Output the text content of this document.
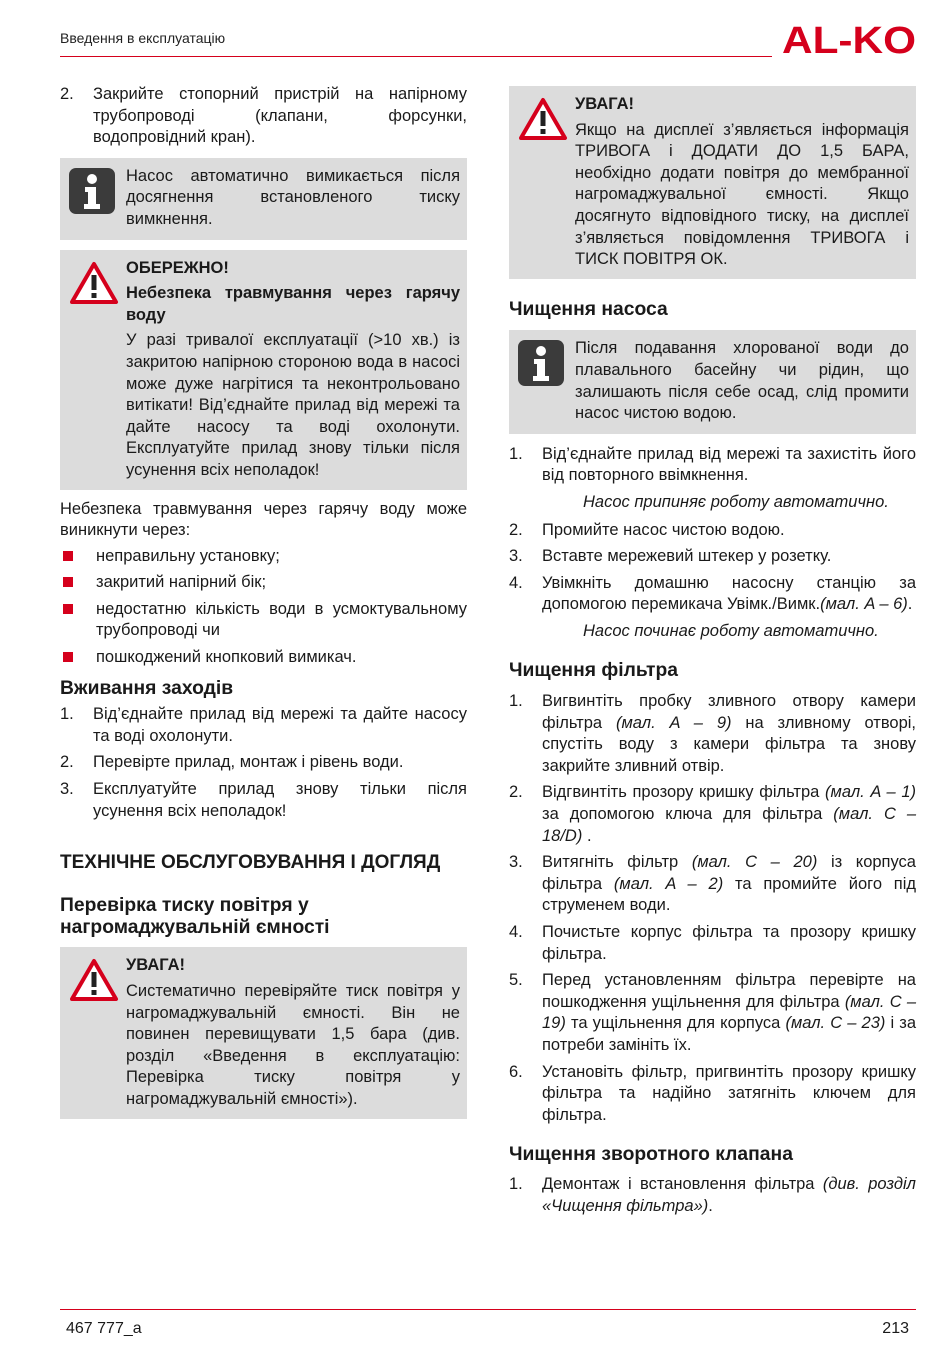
Введення в експлуатацію	AL-KO
2. Закрийте стопорний пристрій на напірному трубопроводі (клапани, форсунки, водопровідний кран).
Насос автоматично вимикається після досягнення встановленого тиску вимкнення.
ОБЕРЕЖНО!
Небезпека травмування через гарячу воду
У разі тривалої експлуатації (>10 хв.) із закритою напірною стороною вода в насосі може дуже нагрітися та неконтрольовано витікати! Від’єднайте прилад від мережі та дайте насосу та воді охолонути. Експлуатуйте прилад знову тільки після усунення всіх неполадок!

Небезпека травмування через гарячу воду може виникнути через:

неправильну установку;
закритий напірний бік;
недостатню кількість води в усмоктувальному трубопроводі чи
пошкоджений кнопковий вимикач.
Вживання заходів
1. Від’єднайте прилад від мережі та дайте насосу та воді охолонути.
2. Перевірте прилад, монтаж і рівень води.
3. Експлуатуйте прилад знову тільки після усунення всіх неполадок!
ТЕХНІЧНЕ ОБСЛУГОВУВАННЯ І ДОГЛЯД
Перевірка тиску повітря у нагромаджувальній ємності
УВАГА!
Систематично перевіряйте тиск повітря у нагромаджувальній ємності. Він не повинен перевищувати 1,5 бара (див. розділ «Введення в експлуатацію: Перевірка тиску повітря у нагромаджувальній ємності»).
УВАГА!
Якщо на дисплеї з’являється інформація ТРИВОГА і ДОДАТИ ДО 1,5 БАРА, необхідно додати повітря до мембранної нагромаджувальної ємності. Якщо досягнуто відповідного тиску, на дисплеї з’являється повідомлення ТРИВОГА і ТИСК ПОВІТРЯ ОК.
Чищення насоса
Після подавання хлорованої води до плавального басейну чи рідин, що залишають після себе осад, слід промити насос чистою водою.
1. Від’єднайте прилад від мережі та захистіть його від повторного ввімкнення.

Насос припиняє роботу автоматично.

2. Промийте насос чистою водою.
3. Вставте мережевий штекер у розетку.
4. Увімкніть домашню насосну станцію за допомогою перемикача Увімк./Вимк.(мал. A – 6).

Насос починає роботу автоматично.

Чищення фільтра
1. Вигвинтіть пробку зливного отвору камери фільтра (мал. A – 9) на зливному отворі, спустіть воду з камери фільтра та знову закрийте зливний отвір.
2. Відгвинтіть прозору кришку фільтра (мал. A – 1) за допомогою ключа для фільтра (мал. C – 18/D) .
3. Витягніть фільтр (мал. C – 20) із корпуса фільтра (мал. A – 2) та промийте його під струменем води.
4. Почистьте корпус фільтра та прозору кришку фільтра.
5. Перед установленням фільтра перевірте на пошкодження ущільнення для фільтра (мал. C – 19) та ущільнення для корпуса (мал. C – 23) і за потреби замініть їх.
6. Установіть фільтр, пригвинтіть прозору кришку фільтра та надійно затягніть ключем для фільтра.
Чищення зворотного клапана
1. Демонтаж і встановлення фільтра (див. розділ «Чищення фільтра»).
467 777_a	213
